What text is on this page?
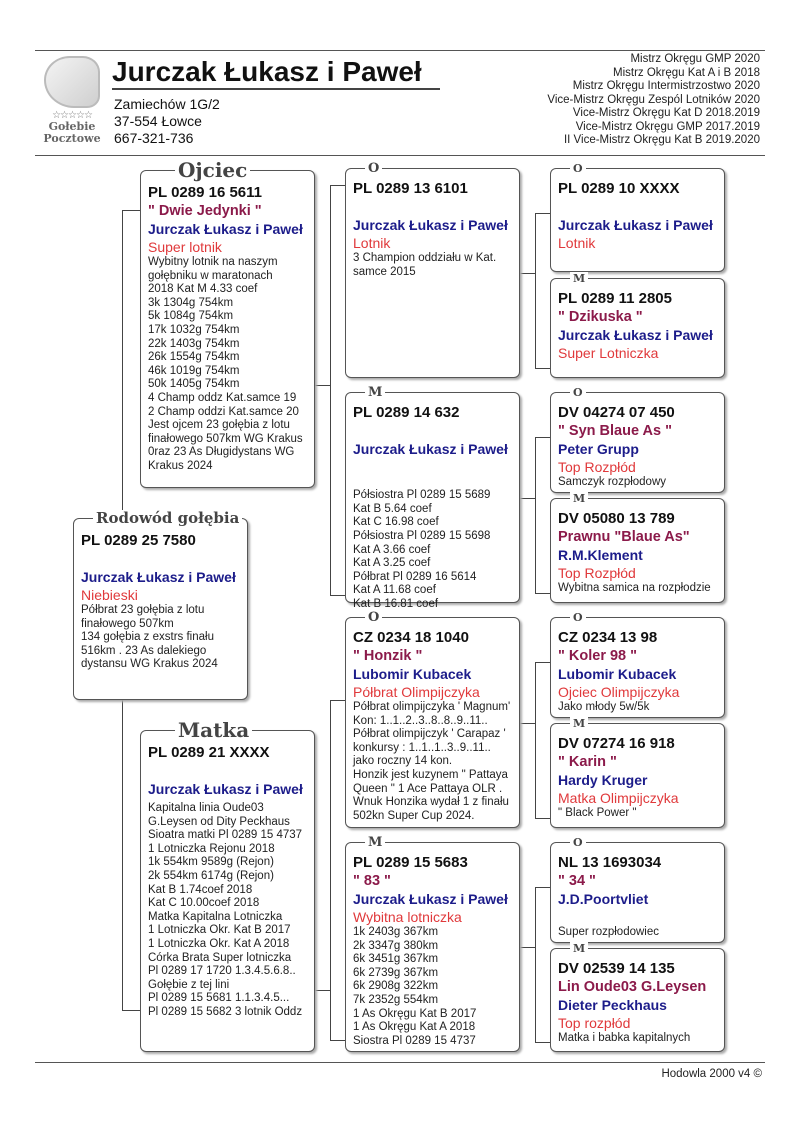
☆☆☆☆☆
Gołebie
Pocztowe
Jurczak Łukasz i Paweł
Zamiechów 1G/2
37-554 Łowce
667-321-736
Mistrz Okręgu GMP 2020
Mistrz Okręgu Kat A i B 2018
Mistrz Okręgu Intermistrzostwo 2020
Vice-Mistrz Okręgu Zespól Lotników 2020
Vice-Mistrz Okręgu Kat D 2018.2019
Vice-Mistrz Okręgu GMP 2017.2019
II Vice-Mistrz Okręgu Kat B 2019.2020
PL 0289 25 7580
Jurczak Łukasz i Paweł
Niebieski
Półbrat 23 gołębia z lotu
finałowego 507km
134 gołębia z exstrs finału
516km . 23 As dalekiego
dystansu WG Krakus 2024
Rodowód gołębia
PL 0289 16 5611
" Dwie Jedynki "
Jurczak Łukasz i Paweł
Super lotnik
Wybitny lotnik na naszym
gołębniku w maratonach
2018 Kat M 4.33 coef
3k 1304g 754km
5k 1084g 754km
17k 1032g 754km
22k 1403g 754km
26k 1554g 754km
46k 1019g 754km
50k 1405g 754km
4 Champ oddz Kat.samce 19
2 Champ oddzi Kat.samce 20
Jest ojcem 23 gołębia z lotu
finałowego 507km WG Krakus
0raz 23 As Długidystans WG
Krakus 2024
Ojciec
PL 0289 21 XXXX
Jurczak Łukasz i Paweł
Kapitalna linia Oude03
G.Leysen od Dity Peckhaus
Sioatra matki Pl 0289 15 4737
1 Lotniczka Rejonu 2018
1k 554km 9589g (Rejon)
2k 554km 6174g (Rejon)
Kat B 1.74coef 2018
Kat C 10.00coef 2018
Matka Kapitalna Lotniczka
1 Lotniczka Okr. Kat B 2017
1 Lotniczka Okr. Kat A 2018
Córka Brata Super lotniczka
Pl 0289 17 1720 1.3.4.5.6.8..
Gołębie z tej lini
Pl 0289 15 5681 1.1.3.4.5...
Pl 0289 15 5682 3 lotnik Oddz
Matka
PL 0289 13 6101
Jurczak Łukasz i Paweł
Lotnik
3 Champion oddziału w Kat.
samce 2015
O
PL 0289 14 632
Jurczak Łukasz i Paweł
Półsiostra Pl 0289 15 5689
Kat B 5.64 coef
Kat C 16.98 coef
Półsiostra Pl 0289 15 5698
Kat A 3.66 coef
Kat A 3.25 coef
Półbrat Pl 0289 16 5614
Kat A 11.68 coef
Kat B 16.81 coef
M
CZ 0234 18 1040
" Honzik "
Lubomir Kubacek
Półbrat Olimpijczyka
Półbrat olimpijczyka ' Magnum'
Kon: 1..1..2..3..8..8..9..11..
Półbrat olimpijczyk ' Carapaz '
konkursy : 1..1..1..3..9..11..
jako roczny 14 kon.
Honzik jest kuzynem " Pattaya
Queen " 1 Ace Pattaya OLR .
Wnuk Honzika wydał 1 z finału
502kn Super Cup 2024.
O
PL 0289 15 5683
" 83 "
Jurczak Łukasz i Paweł
Wybitna lotniczka
1k 2403g 367km
2k 3347g 380km
6k 3451g 367km
6k 2739g 367km
6k 2908g 322km
7k 2352g 554km
1 As Okręgu Kat B 2017
1 As Okręgu Kat A 2018
Siostra Pl 0289 15 4737
M
PL 0289 10 XXXX
Jurczak Łukasz i Paweł
Lotnik
O
PL 0289 11 2805
" Dzikuska "
Jurczak Łukasz i Paweł
Super Lotniczka
M
DV 04274 07 450
" Syn Blaue As "
Peter Grupp
Top Rozpłód
Samczyk rozpłodowy
O
DV 05080 13 789
Prawnu "Blaue As"
R.M.Klement
Top Rozpłód
Wybitna samica na rozpłodzie
M
CZ 0234 13 98
" Koler 98 "
Lubomir Kubacek
Ojciec Olimpijczyka
Jako młody 5w/5k
O
DV 07274 16 918
" Karin "
Hardy Kruger
Matka Olimpijczyka
" Black Power "
M
NL 13 1693034
" 34 "
J.D.Poortvliet
Super rozpłodowiec
O
DV 02539 14 135
Lin Oude03 G.Leysen
Dieter Peckhaus
Top rozpłód
Matka i babka kapitalnych
M
Hodowla 2000 v4 ©
